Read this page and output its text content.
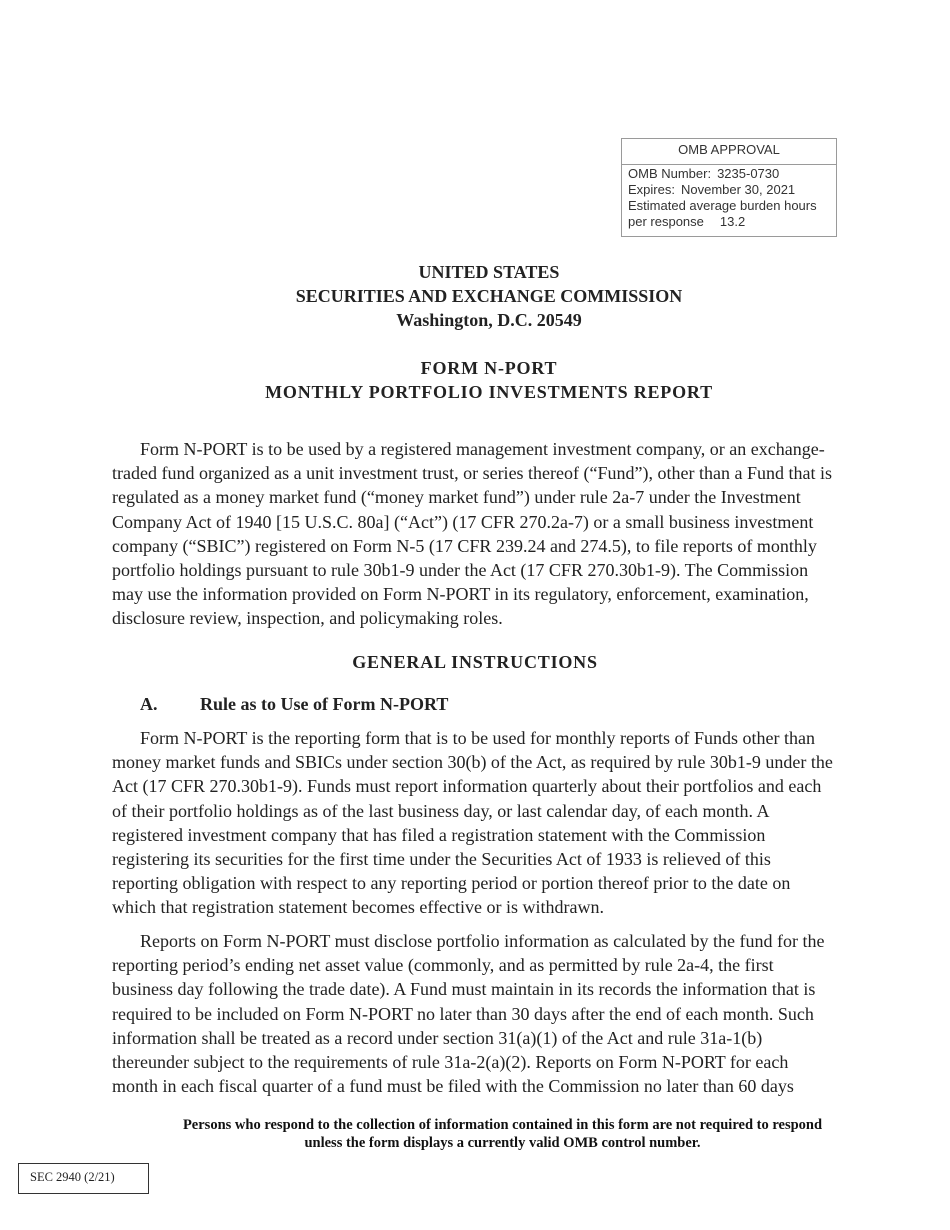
OMB APPROVAL
OMB Number: 3235-0730
Expires: November 30, 2021
Estimated average burden hours
per response 13.2
UNITED STATES
SECURITIES AND EXCHANGE COMMISSION
Washington, D.C. 20549
FORM N-PORT
MONTHLY PORTFOLIO INVESTMENTS REPORT

Form N-PORT is to be used by a registered management investment company, or an exchange-traded fund organized as a unit investment trust, or series thereof (“Fund”), other than a Fund that is regulated as a money market fund (“money market fund”) under rule 2a-7 under the Investment Company Act of 1940 [15 U.S.C. 80a] (“Act”) (17 CFR 270.2a-7) or a small business investment company (“SBIC”) registered on Form N-5 (17 CFR 239.24 and 274.5), to file reports of monthly portfolio holdings pursuant to rule 30b1-9 under the Act (17 CFR 270.30b1-9). The Commission may use the information provided on Form N-PORT in its regulatory, enforcement, examination, disclosure review, inspection, and policymaking roles.

GENERAL INSTRUCTIONS
A. Rule as to Use of Form N-PORT

Form N-PORT is the reporting form that is to be used for monthly reports of Funds other than money market funds and SBICs under section 30(b) of the Act, as required by rule 30b1-9 under the Act (17 CFR 270.30b1-9). Funds must report information quarterly about their portfolios and each of their portfolio holdings as of the last business day, or last calendar day, of each month. A registered investment company that has filed a registration statement with the Commission registering its securities for the first time under the Securities Act of 1933 is relieved of this reporting obligation with respect to any reporting period or portion thereof prior to the date on which that registration statement becomes effective or is withdrawn.

Reports on Form N-PORT must disclose portfolio information as calculated by the fund for the reporting period’s ending net asset value (commonly, and as permitted by rule 2a-4, the first business day following the trade date). A Fund must maintain in its records the information that is required to be included on Form N-PORT no later than 30 days after the end of each month. Such information shall be treated as a record under section 31(a)(1) of the Act and rule 31a-1(b) thereunder subject to the requirements of rule 31a-2(a)(2). Reports on Form N-PORT for each month in each fiscal quarter of a fund must be filed with the Commission no later than 60 days

Persons who respond to the collection of information contained in this form are not required to respond unless the form displays a currently valid OMB control number.
SEC 2940 (2/21)
